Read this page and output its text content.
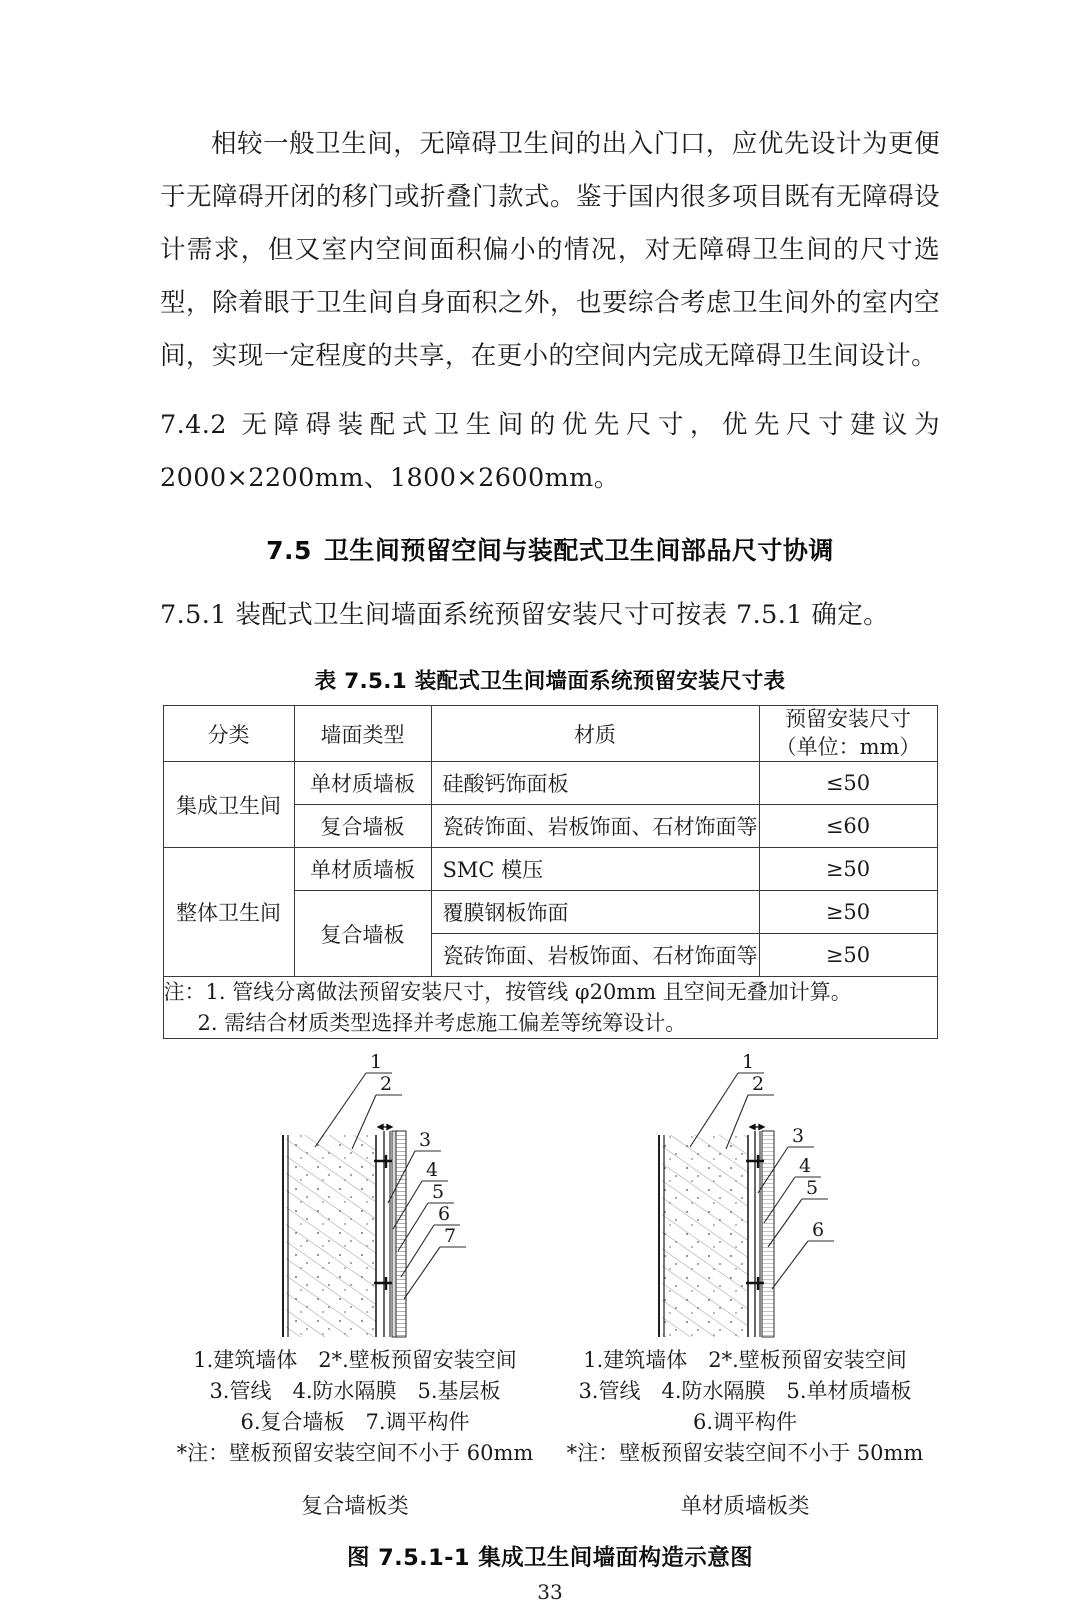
相较一般卫生间，无障碍卫生间的出入门口，应优先设计为更便于无障碍开闭的移门或折叠门款式。鉴于国内很多项目既有无障碍设计需求，但又室内空间面积偏小的情况，对无障碍卫生间的尺寸选型，除着眼于卫生间自身面积之外，也要综合考虑卫生间外的室内空间，实现一定程度的共享，在更小的空间内完成无障碍卫生间设计。

7.4.2 无障碍装配式卫生间的优先尺寸，优先尺寸建议为2000×2200mm、1800×2600mm。

7.5 卫生间预留空间与装配式卫生间部品尺寸协调

7.5.1 装配式卫生间墙面系统预留安装尺寸可按表 7.5.1 确定。

表 7.5.1 装配式卫生间墙面系统预留安装尺寸表
分类	墙面类型	材质	预留安装尺寸
（单位：mm）

集成卫生间	单材质墙板	硅酸钙饰面板	≤50
	复合墙板	瓷砖饰面、岩板饰面、石材饰面等	≤60
整体卫生间	单材质墙板	SMC 模压	≥50
	复合墙板	覆膜钢板饰面	≥50
		瓷砖饰面、岩板饰面、石材饰面等	≥50

注：1. 管线分离做法预留安装尺寸，按管线 φ20mm 且空间无叠加计算。
2. 需结合材质类型选择并考虑施工偏差等统筹设计。			
1
2
3
4
5
6
7
1
2
3
4
5
6
1.建筑墙体　2*.壁板预留安装空间
3.管线　4.防水隔膜　5.基层板
6.复合墙板　7.调平构件
*注：壁板预留安装空间不小于 60mm
复合墙板类
1.建筑墙体　2*.壁板预留安装空间
3.管线　4.防水隔膜　5.单材质墙板
6.调平构件
*注：壁板预留安装空间不小于 50mm
单材质墙板类
图 7.5.1-1 集成卫生间墙面构造示意图
33
